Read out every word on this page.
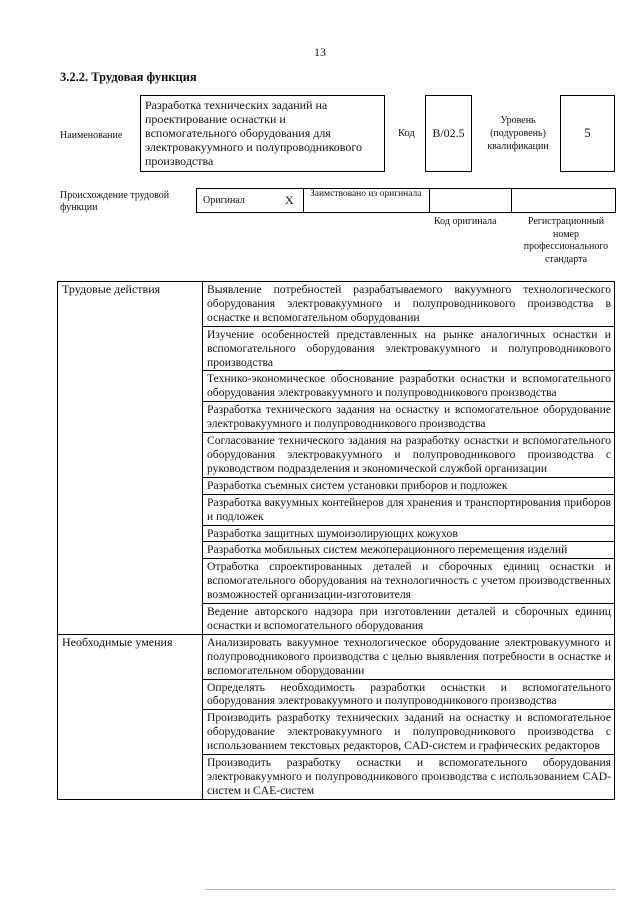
13
3.2.2. Трудовая функция
Наименование
Разработка технических заданий на проектирование оснастки и вспомогательного оборудования для электровакуумного и полупроводникового производства
Код B/02.5
Уровень (подуровень) квалификации
5
Происхождение трудовой функции
Оригинал	X	Заимствовано из оригинала
Код оригинала	Регистрационный номер профессионального стандарта
Трудовые действия	Выявление потребностей разрабатываемого вакуумного технологического оборудования электровакуумного и полупроводникового производства в оснастке и вспомогательном оборудовании
	Изучение особенностей представленных на рынке аналогичных оснастки и вспомогательного оборудования электровакуумного и полупроводникового производства
	Технико-экономическое обоснование разработки оснастки и вспомогательного оборудования электровакуумного и полупроводникового производства
	Разработка технического задания на оснастку и вспомогательное оборудование электровакуумного и полупроводникового производства
	Согласование технического задания на разработку оснастки и вспомогательного оборудования электровакуумного и полупроводникового производства с руководством подразделения и экономической службой организации
	Разработка съемных систем установки приборов и подложек
	Разработка вакуумных контейнеров для хранения и транспортирования приборов и подложек
	Разработка защитных шумоизолирующих кожухов
	Разработка мобильных систем межоперационного перемещения изделий
	Отработка спроектированных деталей и сборочных единиц оснастки и вспомогательного оборудования на технологичность с учетом производственных возможностей организации-изготовителя
	Ведение авторского надзора при изготовлении деталей и сборочных единиц оснастки и вспомогательного оборудования
Необходимые умения	Анализировать вакуумное технологическое оборудование электровакуумного и полупроводникового производства с целью выявления потребности в оснастке и вспомогательном оборудовании
	Определять необходимость разработки оснастки и вспомогательного оборудования электровакуумного и полупроводникового производства
	Производить разработку технических заданий на оснастку и вспомогательное оборудование электровакуумного и полупроводникового производства с использованием текстовых редакторов, CAD-систем и графических редакторов
	Производить разработку оснастки и вспомогательного оборудования электровакуумного и полупроводникового производства с использованием CAD-систем и CAE-систем
